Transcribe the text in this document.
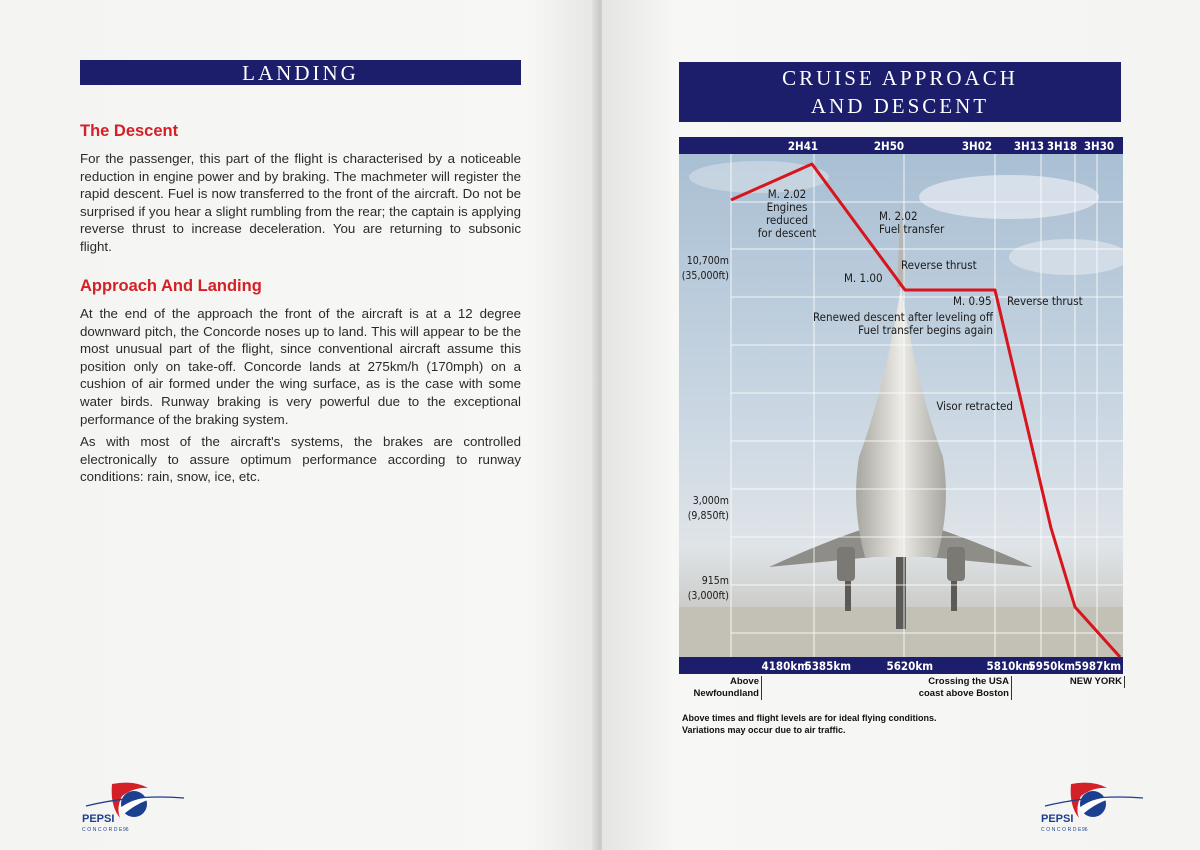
LANDING
The Descent

For the passenger, this part of the flight is characterised by a noticeable reduction in engine power and by braking. The machmeter will register the rapid descent. Fuel is now transferred to the front of the aircraft. Do not be surprised if you hear a slight rumbling from the rear; the captain is applying reverse thrust to increase deceleration. You are returning to subsonic flight.

Approach And Landing

At the end of the approach the front of the aircraft is at a 12 degree downward pitch, the Concorde noses up to land. This will appear to be the most unusual part of the flight, since conventional aircraft assume this position only on take-off. Concorde lands at 275km/h (170mph) on a cushion of air formed under the wing surface, as is the case with some water birds. Runway braking is very powerful due to the exceptional performance of the braking system.

As with most of the aircraft's systems, the brakes are controlled electronically to assure optimum performance according to runway conditions: rain, snow, ice, etc.

PEPSI
CONCORDE 96
CRUISE APPROACH
AND DESCENT
2H41	2H50	3H02 3H13 3H18 3H30
4180km
5385km	5620km	5810km
5950km 5987km
10,700m
(35,000ft)
3,000m
(9,850ft)
915m
(3,000ft)
M. 2.02
Engines
reduced
for descent
M. 2.02
Fuel transfer
Reverse thrust
M. 1.00
M. 0.95 Reverse thrust
Renewed descent after leveling off
Fuel transfer begins again
Visor retracted
Above
Newfoundland
Crossing the USA
coast above Boston
NEW YORK
Above times and flight levels are for ideal flying conditions.
Variations may occur due to air traffic.
PEPSI
CONCORDE 96
